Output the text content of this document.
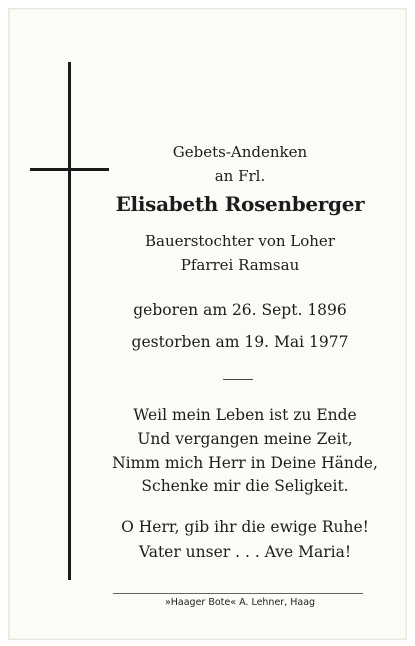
Gebets-Andenken
an Frl.
Elisabeth Rosenberger
Bauerstochter von Loher
Pfarrei Ramsau
geboren am 26. Sept. 1896
gestorben am 19. Mai 1977
Weil mein Leben ist zu Ende
Und vergangen meine Zeit,
Nimm mich Herr in Deine Hände,
Schenke mir die Seligkeit.
O Herr, gib ihr die ewige Ruhe!
Vater unser . . . Ave Maria!
»Haager Bote« A. Lehner, Haag
